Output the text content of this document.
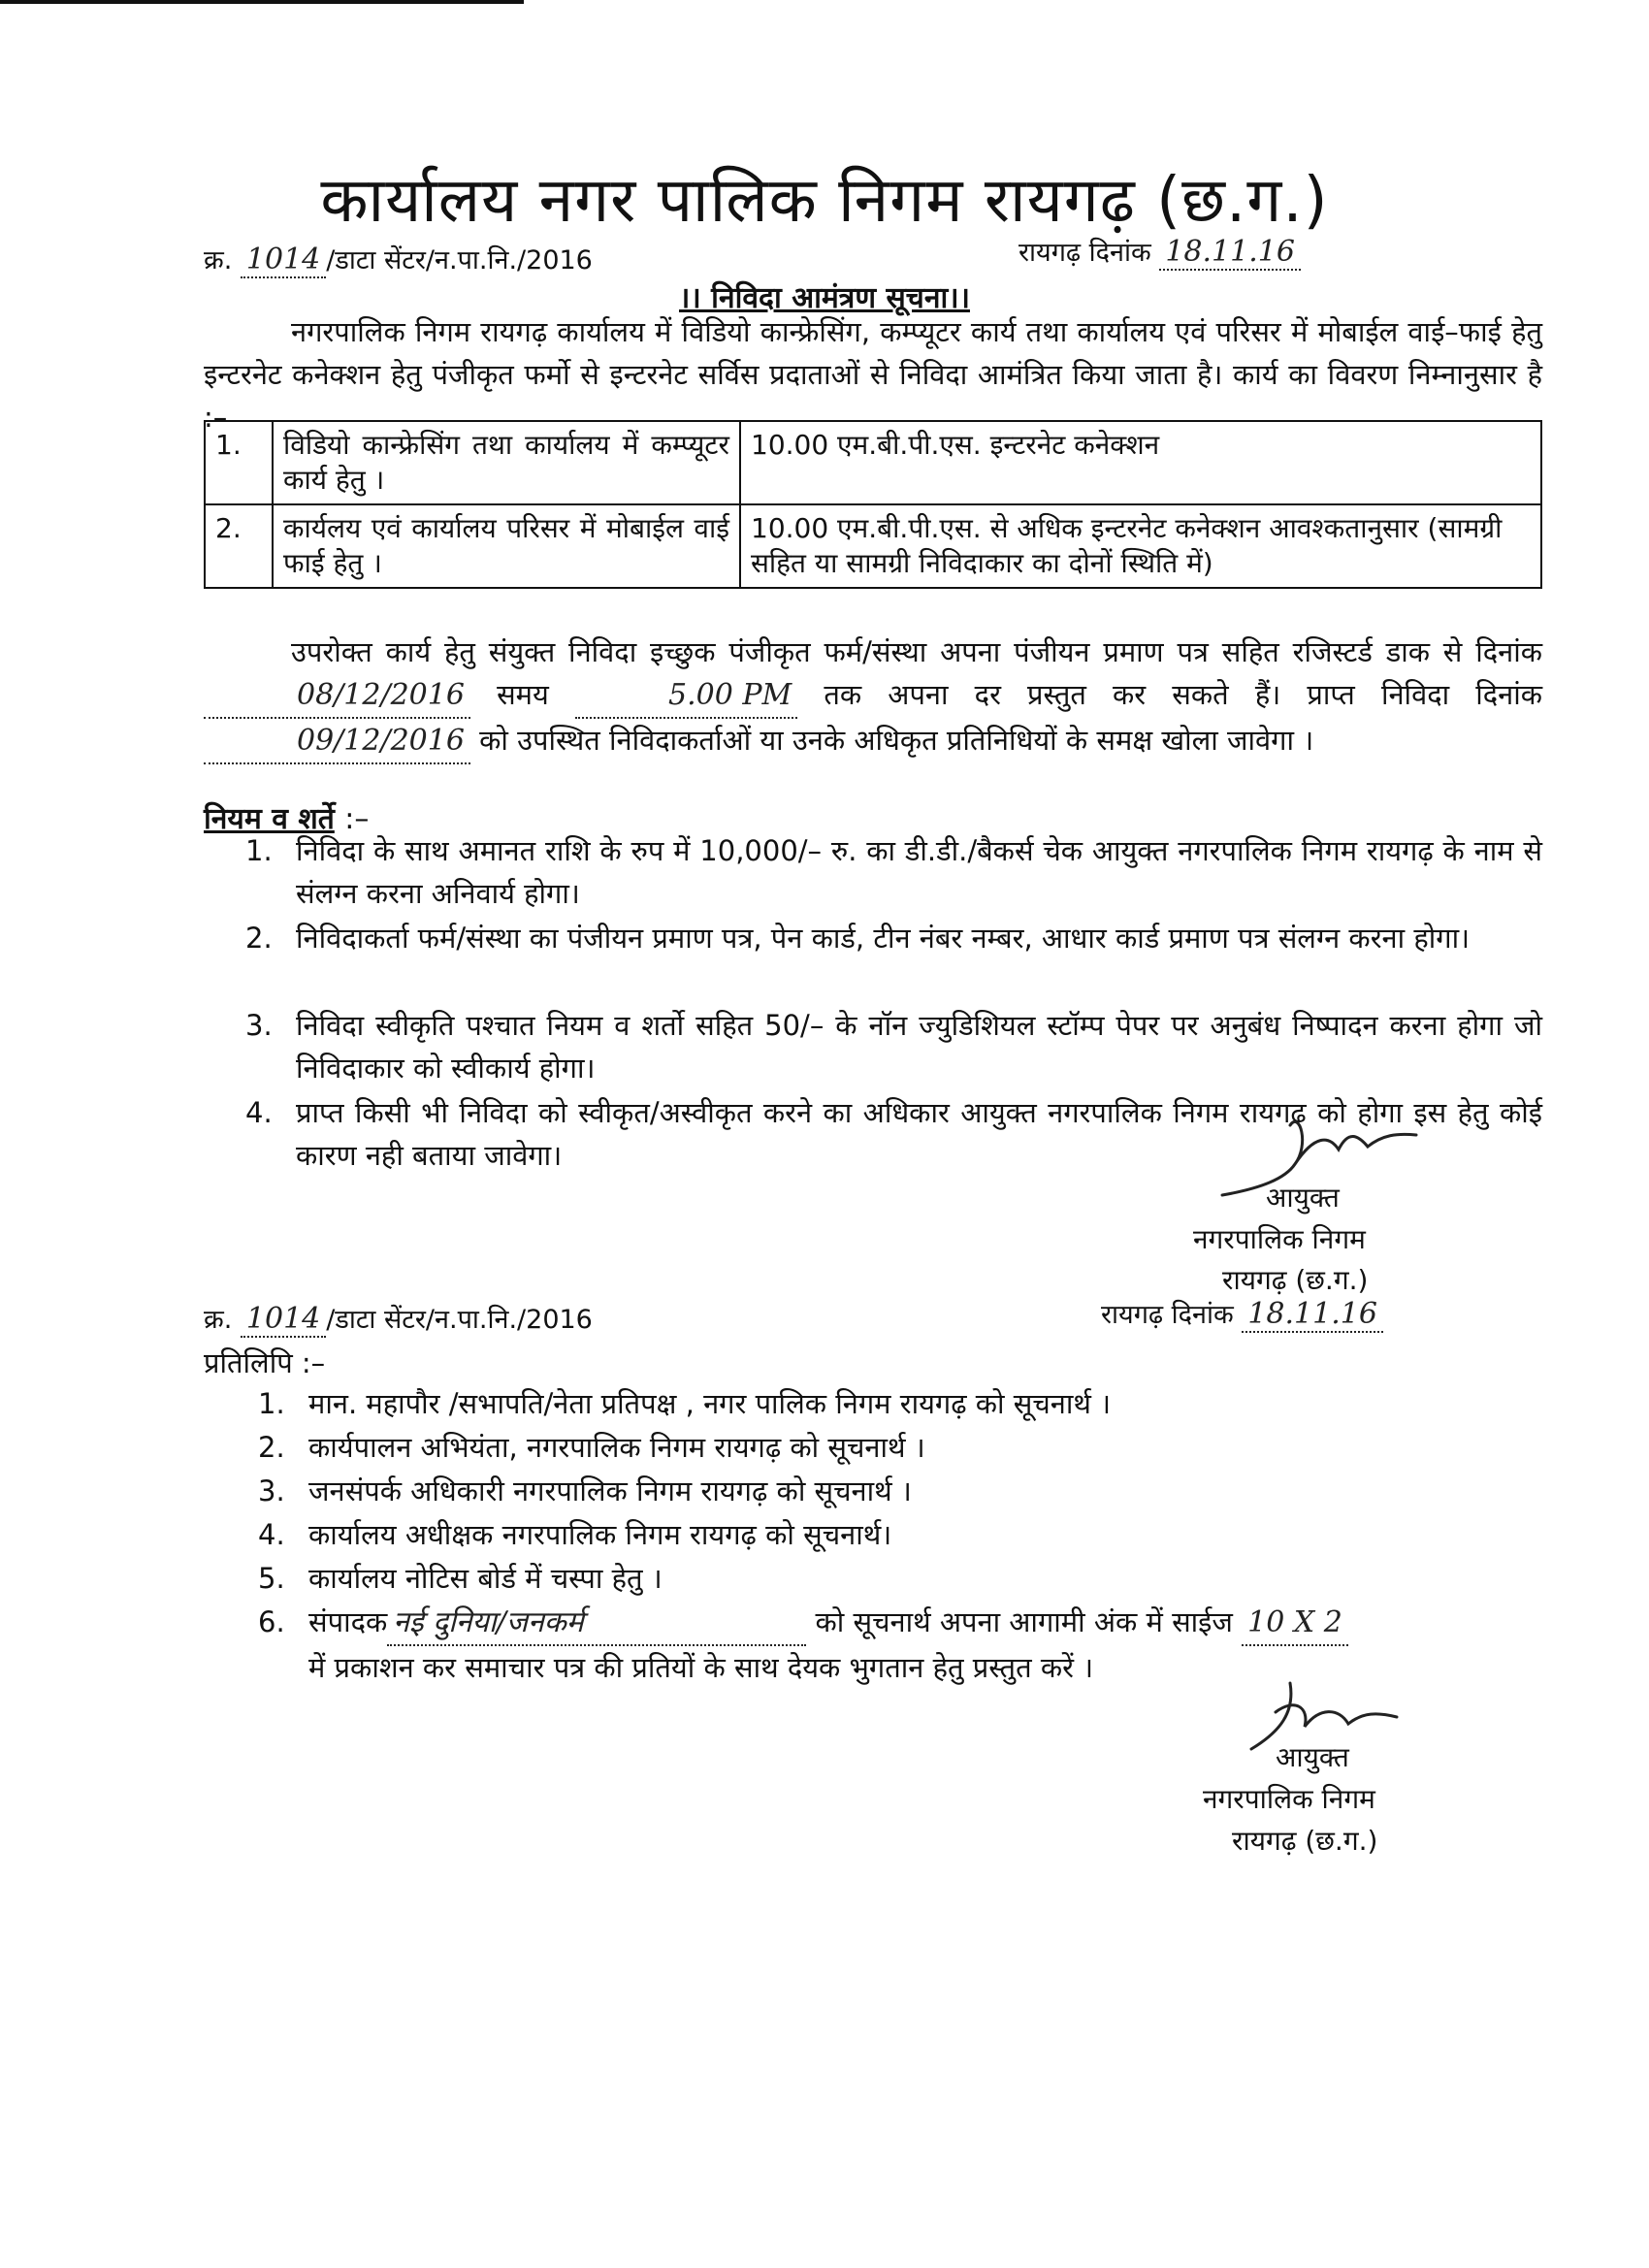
कार्यालय नगर पालिक निगम रायगढ़ (छ.ग.)
क्र. 1014 /डाटा सेंटर/न.पा.नि./2016	रायगढ़ दिनांक 18.11.16
।। निविदा आमंत्रण सूचना।।
नगरपालिक निगम रायगढ़ कार्यालय में विडियो कान्फ्रेसिंग, कम्प्यूटर कार्य तथा कार्यालय एवं परिसर में मोबाईल वाई–फाई हेतु इन्टरनेट कनेक्शन हेतु पंजीकृत फर्मो से इन्टरनेट सर्विस प्रदाताओं से निविदा आमंत्रित किया जाता है। कार्य का विवरण निम्नानुसार है :–
1.	विडियो कान्फ्रेसिंग तथा कार्यालय में कम्प्यूटर कार्य हेतु ।	10.00 एम.बी.पी.एस. इन्टरनेट कनेक्शन
2.	कार्यलय एवं कार्यालय परिसर में मोबाईल वाई फाई हेतु ।	10.00 एम.बी.पी.एस. से अधिक इन्टरनेट कनेक्शन आवश्कतानुसार (सामग्री सहित या सामग्री निविदाकार का दोनों स्थिति में)
उपरोक्त कार्य हेतु संयुक्त निविदा इच्छुक पंजीकृत फर्म/संस्था अपना पंजीयन प्रमाण पत्र सहित रजिस्टर्ड डाक से दिनांक 08/12/2016 समय	5.00 PM तक अपना दर प्रस्तुत कर सकते हैं। प्राप्त निविदा दिनांक 09/12/2016 को उपस्थित निविदाकर्ताओं या उनके अधिकृत प्रतिनिधियों के समक्ष खोला जावेगा ।
नियम व शर्ते :–
1. निविदा के साथ अमानत राशि के रुप में 10,000/– रु. का डी.डी./बैकर्स चेक आयुक्त नगरपालिक निगम रायगढ़ के नाम से संलग्न करना अनिवार्य होगा।
2. निविदाकर्ता फर्म/संस्था का पंजीयन प्रमाण पत्र, पेन कार्ड, टीन नंबर नम्बर, आधार कार्ड प्रमाण पत्र संलग्न करना होगा।
3. निविदा स्वीकृति पश्चात नियम व शर्तो सहित 50/– के नॉन ज्युडिशियल स्टॉम्प पेपर पर अनुबंध निष्पादन करना होगा जो निविदाकार को स्वीकार्य होगा।
4. प्राप्त किसी भी निविदा को स्वीकृत/अस्वीकृत करने का अधिकार आयुक्त नगरपालिक निगम रायगढ को होगा इस हेतु कोई कारण नही बताया जावेगा।
आयुक्त
नगरपालिक निगम
रायगढ़ (छ.ग.)
क्र. 1014 /डाटा सेंटर/न.पा.नि./2016	रायगढ़ दिनांक 18.11.16
प्रतिलिपि :–
1. मान. महापौर /सभापति/नेता प्रतिपक्ष , नगर पालिक निगम रायगढ़ को सूचनार्थ ।
2. कार्यपालन अभियंता, नगरपालिक निगम रायगढ़ को सूचनार्थ ।
3. जनसंपर्क अधिकारी नगरपालिक निगम रायगढ़ को सूचनार्थ ।
4. कार्यालय अधीक्षक नगरपालिक निगम रायगढ़ को सूचनार्थ।
5. कार्यालय नोटिस बोर्ड में चस्पा हेतु ।
6. संपादक नई दुनिया/जनकर्म	को सूचनार्थ अपना आगामी अंक में साईज 10 X 2
में प्रकाशन कर समाचार पत्र की प्रतियों के साथ देयक भुगतान हेतु प्रस्तुत करें ।
आयुक्त
नगरपालिक निगम
रायगढ़ (छ.ग.)
